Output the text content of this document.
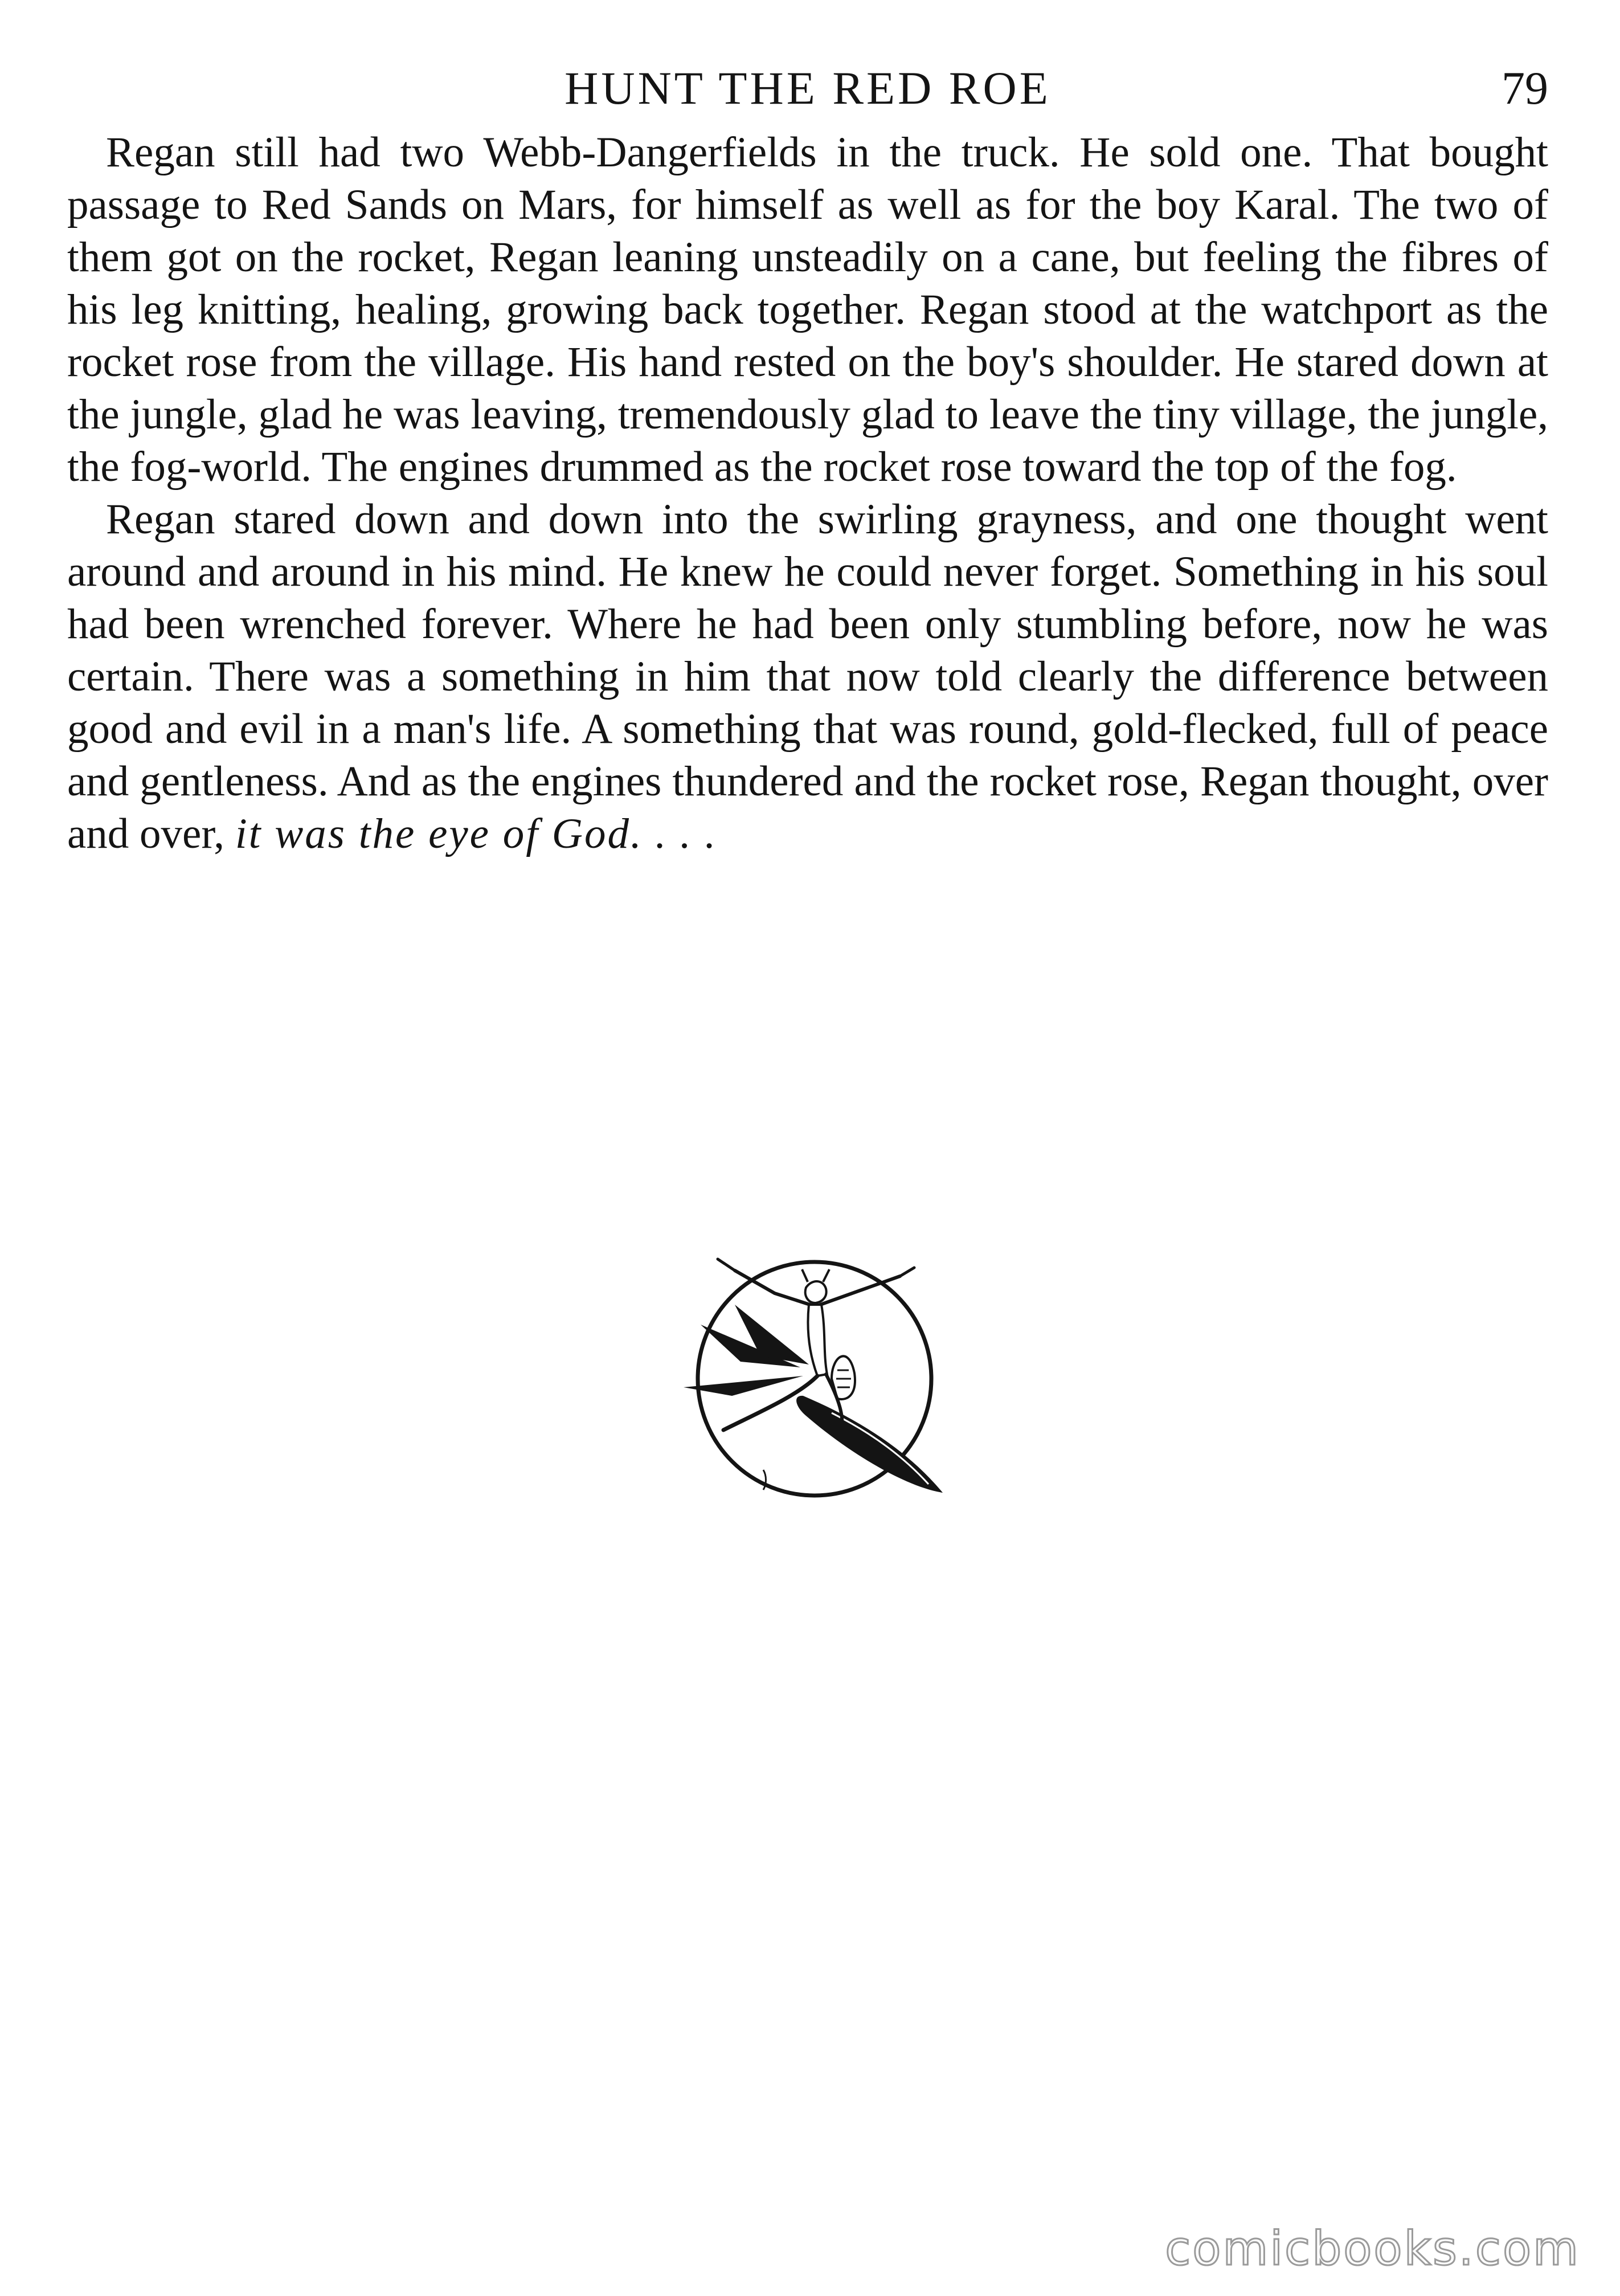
HUNT THE RED ROE	79

Regan still had two Webb-Dangerfields in the truck. He sold one. That bought passage to Red Sands on Mars, for himself as well as for the boy Karal. The two of them got on the rocket, Regan leaning unsteadily on a cane, but feeling the fibres of his leg knitting, healing, growing back together. Regan stood at the watchport as the rocket rose from the village. His hand rested on the boy's shoulder. He stared down at the jungle, glad he was leaving, tremendously glad to leave the tiny village, the jungle, the fog-world. The engines drummed as the rocket rose toward the top of the fog.

Regan stared down and down into the swirling grayness, and one thought went around and around in his mind. He knew he could never forget. Something in his soul had been wrenched forever. Where he had been only stumbling before, now he was certain. There was a something in him that now told clearly the difference between good and evil in a man's life. A something that was round, gold-flecked, full of peace and gentleness. And as the engines thundered and the rocket rose, Regan thought, over and over, it was the eye of God. . . .

comicbooks.com
